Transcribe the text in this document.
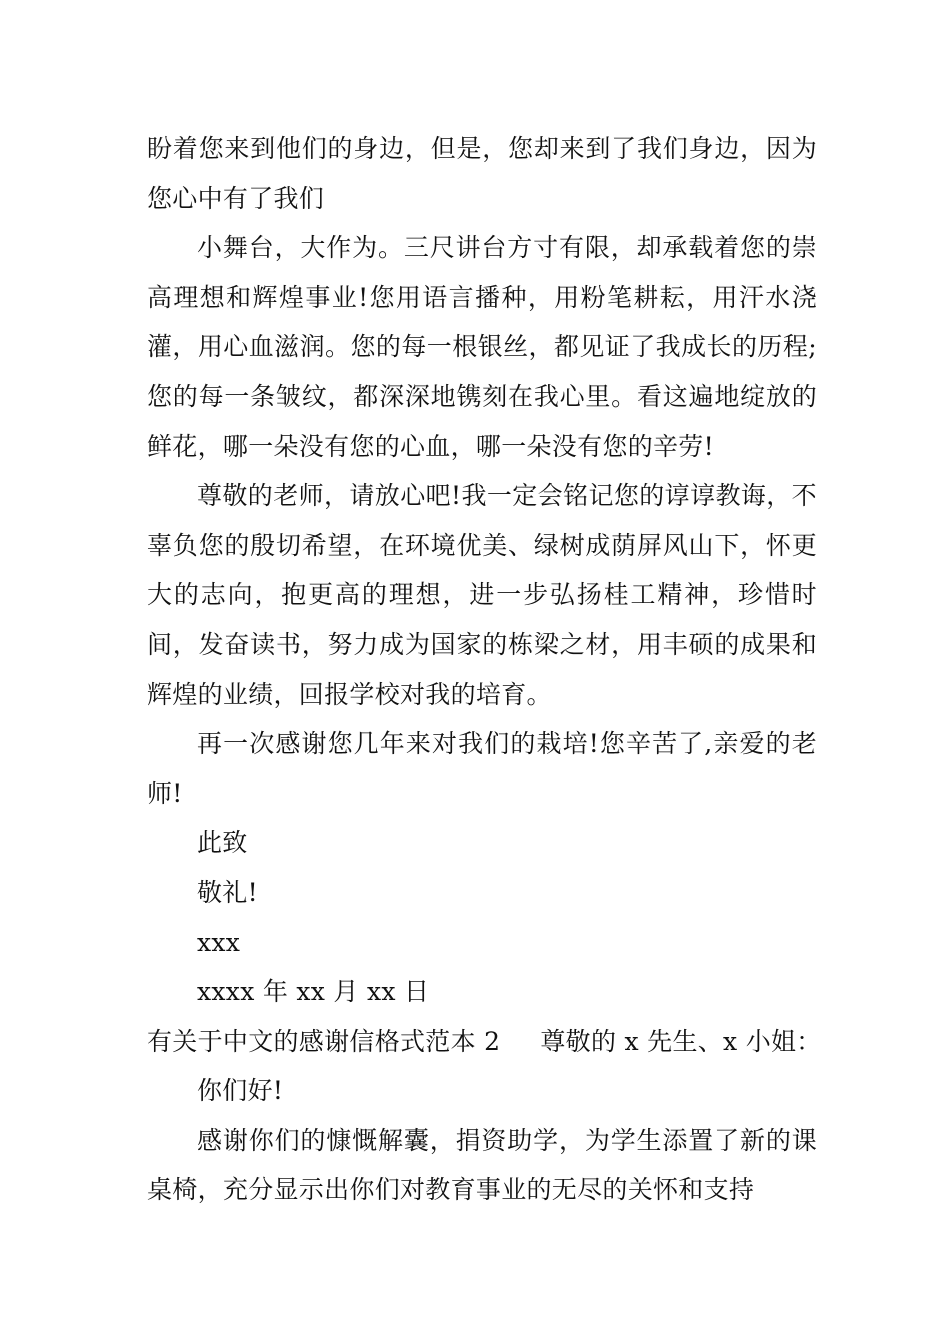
盼着您来到他们的身边，但是，您却来到了我们身边，因为您心中有了我们

小舞台，大作为。三尺讲台方寸有限，却承载着您的崇高理想和辉煌事业!您用语言播种，用粉笔耕耘，用汗水浇灌，用心血滋润。您的每一根银丝，都见证了我成长的历程;您的每一条皱纹，都深深地镌刻在我心里。看这遍地绽放的鲜花，哪一朵没有您的心血，哪一朵没有您的辛劳!

尊敬的老师，请放心吧!我一定会铭记您的谆谆教诲，不辜负您的殷切希望，在环境优美、绿树成荫屏风山下，怀更大的志向，抱更高的理想，进一步弘扬桂工精神，珍惜时间，发奋读书，努力成为国家的栋梁之材，用丰硕的成果和辉煌的业绩，回报学校对我的培育。

再一次感谢您几年来对我们的栽培!您辛苦了,亲爱的老师!

此致

敬礼!

xxx

xxxx 年 xx 月 xx 日

有关于中文的感谢信格式范本 2 尊敬的 x 先生、x 小姐：

你们好!

感谢你们的慷慨解囊，捐资助学，为学生添置了新的课桌椅，充分显示出你们对教育事业的无尽的关怀和支持
